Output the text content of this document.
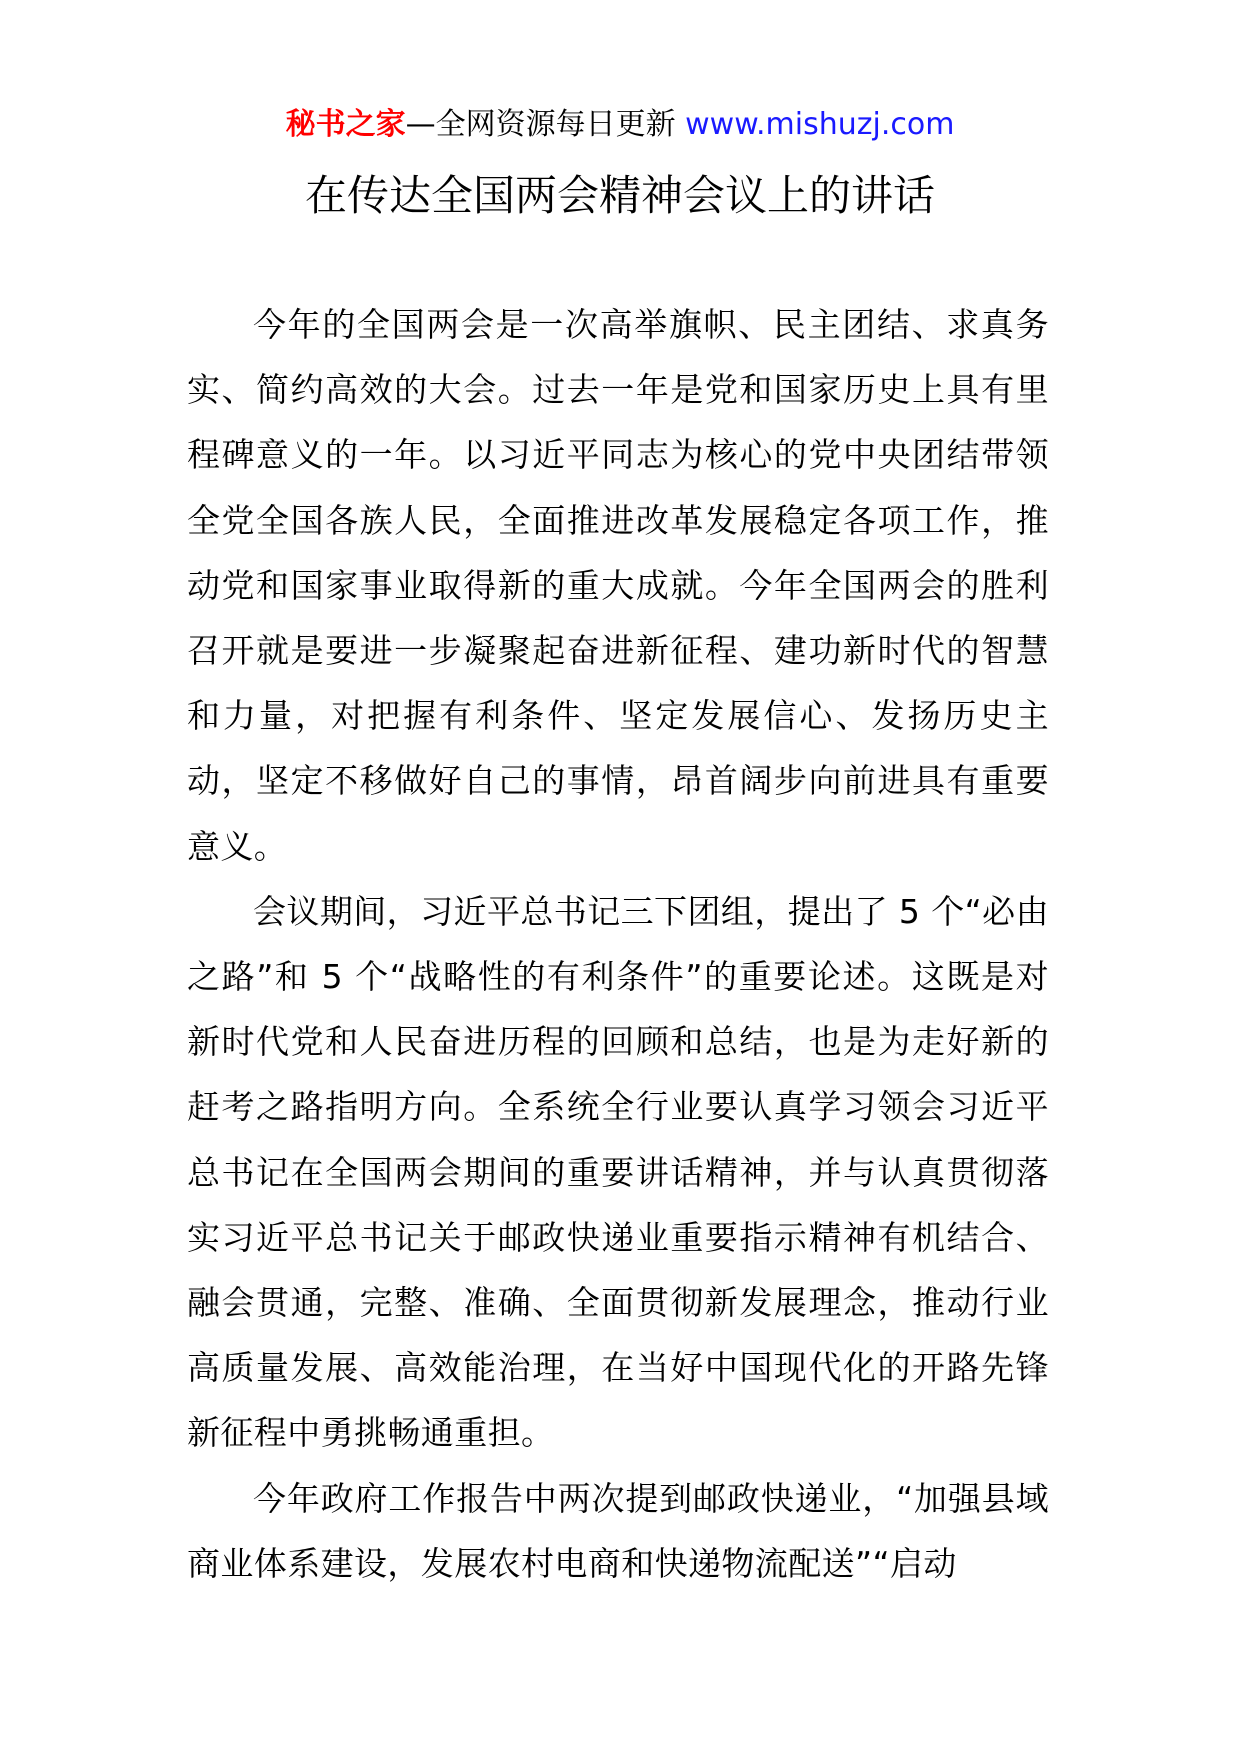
秘书之家—全网资源每日更新 www.mishuzj.com
在传达全国两会精神会议上的讲话

今年的全国两会是一次高举旗帜、民主团结、求真务实、简约高效的大会。过去一年是党和国家历史上具有里程碑意义的一年。以习近平同志为核心的党中央团结带领全党全国各族人民，全面推进改革发展稳定各项工作，推动党和国家事业取得新的重大成就。今年全国两会的胜利召开就是要进一步凝聚起奋进新征程、建功新时代的智慧和力量，对把握有利条件、坚定发展信心、发扬历史主动，坚定不移做好自己的事情，昂首阔步向前进具有重要意义。

会议期间，习近平总书记三下团组，提出了 5 个“必由之路”和 5 个“战略性的有利条件”的重要论述。这既是对新时代党和人民奋进历程的回顾和总结，也是为走好新的赶考之路指明方向。全系统全行业要认真学习领会习近平总书记在全国两会期间的重要讲话精神，并与认真贯彻落实习近平总书记关于邮政快递业重要指示精神有机结合、融会贯通，完整、准确、全面贯彻新发展理念，推动行业高质量发展、高效能治理，在当好中国现代化的开路先锋新征程中勇挑畅通重担。

今年政府工作报告中两次提到邮政快递业，“加强县域商业体系建设，发展农村电商和快递物流配送”“启动
